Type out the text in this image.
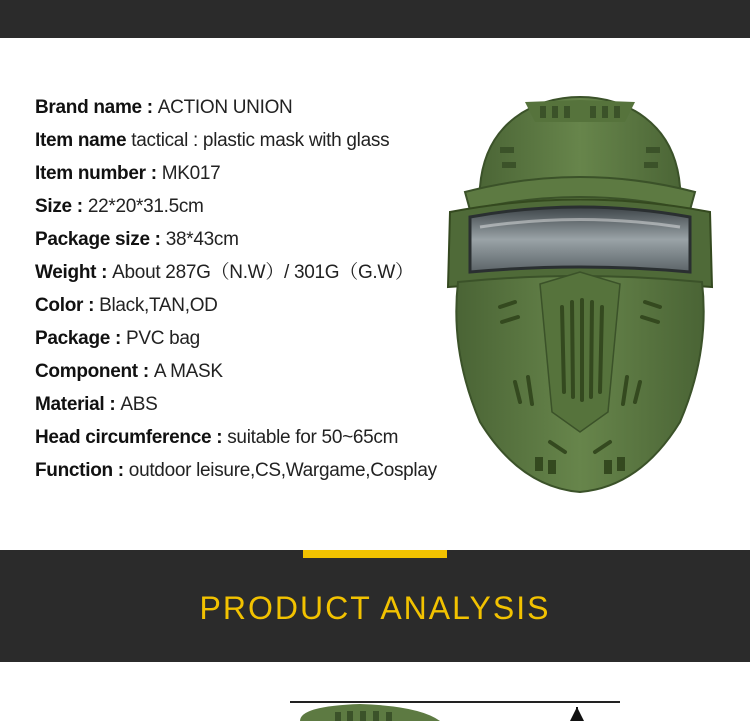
Brand name : ACTION UNION
Item name tactical : plastic mask with glass
Item number : MK017
Size : 22*20*31.5cm
Package size : 38*43cm
Weight : About 287G（N.W）/ 301G（G.W）
Color : Black,TAN,OD
Package : PVC bag
Component : A MASK
Material : ABS
Head circumference : suitable for 50~65cm
Function : outdoor leisure,CS,Wargame,Cosplay
PRODUCT ANALYSIS
